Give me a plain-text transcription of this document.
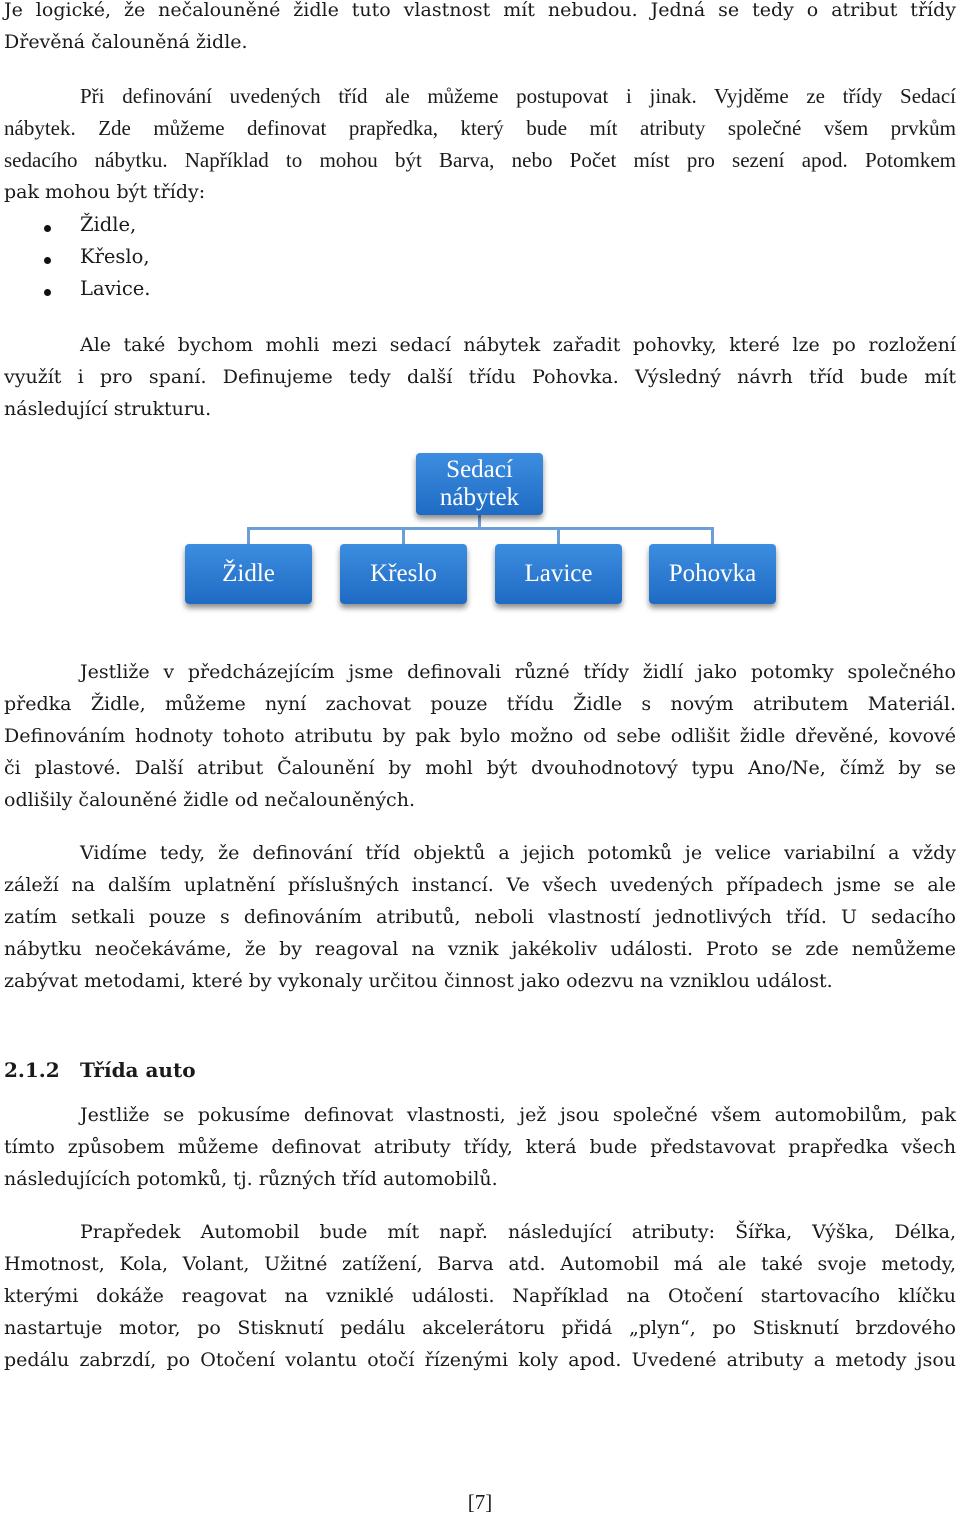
Je logické, že nečalouněné židle tuto vlastnost mít nebudou. Jedná se tedy o atribut třídy
Dřevěná čalouněná židle.
Při definování uvedených tříd ale můžeme postupovat i jinak. Vyjděme ze třídy Sedací
nábytek. Zde můžeme definovat prapředka, který bude mít atributy společné všem prvkům
sedacího nábytku. Například to mohou být Barva, nebo Počet míst pro sezení apod. Potomkem
pak mohou být třídy:
Židle,
Křeslo,
Lavice.
Ale také bychom mohli mezi sedací nábytek zařadit pohovky, které lze po rozložení
využít i pro spaní. Definujeme tedy další třídu Pohovka. Výsledný návrh tříd bude mít
následující strukturu.
Sedací nábytek
Židle	Křeslo	Lavice	Pohovka
Jestliže v předcházejícím jsme definovali různé třídy židlí jako potomky společného
předka Židle, můžeme nyní zachovat pouze třídu Židle s novým atributem Materiál.
Definováním hodnoty tohoto atributu by pak bylo možno od sebe odlišit židle dřevěné, kovové
či plastové. Další atribut Čalounění by mohl být dvouhodnotový typu Ano/Ne, čímž by se
odlišily čalouněné židle od nečalouněných.
Vidíme tedy, že definování tříd objektů a jejich potomků je velice variabilní a vždy
záleží na dalším uplatnění příslušných instancí. Ve všech uvedených případech jsme se ale
zatím setkali pouze s definováním atributů, neboli vlastností jednotlivých tříd. U sedacího
nábytku neočekáváme, že by reagoval na vznik jakékoliv události. Proto se zde nemůžeme
zabývat metodami, které by vykonaly určitou činnost jako odezvu na vzniklou událost.
2.1.2 Třída auto
Jestliže se pokusíme definovat vlastnosti, jež jsou společné všem automobilům, pak
tímto způsobem můžeme definovat atributy třídy, která bude představovat prapředka všech
následujících potomků, tj. různých tříd automobilů.
Prapředek Automobil bude mít např. následující atributy: Šířka, Výška, Délka,
Hmotnost, Kola, Volant, Užitné zatížení, Barva atd. Automobil má ale také svoje metody,
kterými dokáže reagovat na vzniklé události. Například na Otočení startovacího klíčku
nastartuje motor, po Stisknutí pedálu akcelerátoru přidá „plyn“, po Stisknutí brzdového
pedálu zabrzdí, po Otočení volantu otočí řízenými koly apod. Uvedené atributy a metody jsou
[7]
